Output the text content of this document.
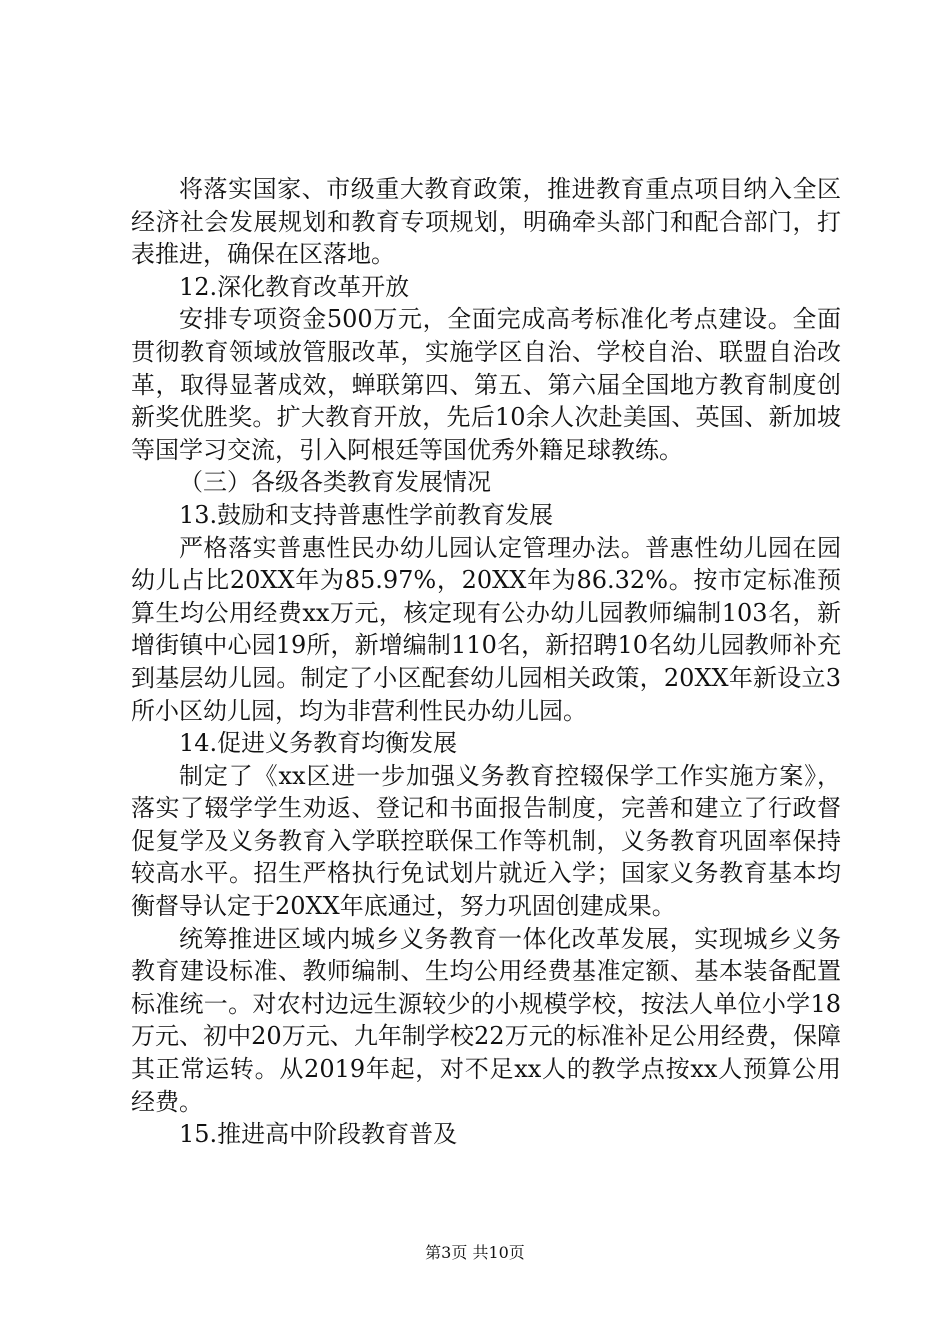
将落实国家、市级重大教育政策，推进教育重点项目纳入全区经济社会发展规划和教育专项规划，明确牵头部门和配合部门，打表推进，确保在区落地。

12.深化教育改革开放

安排专项资金500万元，全面完成高考标准化考点建设。全面贯彻教育领域放管服改革，实施学区自治、学校自治、联盟自治改革，取得显著成效，蝉联第四、第五、第六届全国地方教育制度创新奖优胜奖。扩大教育开放，先后10余人次赴美国、英国、新加坡等国学习交流，引入阿根廷等国优秀外籍足球教练。

（三）各级各类教育发展情况

13.鼓励和支持普惠性学前教育发展

严格落实普惠性民办幼儿园认定管理办法。普惠性幼儿园在园幼儿占比20XX年为85.97%，20XX年为86.32%。按市定标准预算生均公用经费xx万元，核定现有公办幼儿园教师编制103名，新增街镇中心园19所，新增编制110名，新招聘10名幼儿园教师补充到基层幼儿园。制定了小区配套幼儿园相关政策，20XX年新设立3所小区幼儿园，均为非营利性民办幼儿园。

14.促进义务教育均衡发展

制定了《xx区进一步加强义务教育控辍保学工作实施方案》，落实了辍学学生劝返、登记和书面报告制度，完善和建立了行政督促复学及义务教育入学联控联保工作等机制，义务教育巩固率保持较高水平。招生严格执行免试划片就近入学；国家义务教育基本均衡督导认定于20XX年底通过，努力巩固创建成果。

统筹推进区域内城乡义务教育一体化改革发展，实现城乡义务教育建设标准、教师编制、生均公用经费基准定额、基本装备配置标准统一。对农村边远生源较少的小规模学校，按法人单位小学18万元、初中20万元、九年制学校22万元的标准补足公用经费，保障其正常运转。从2019年起，对不足xx人的教学点按xx人预算公用经费。

15.推进高中阶段教育普及

第3页 共10页
